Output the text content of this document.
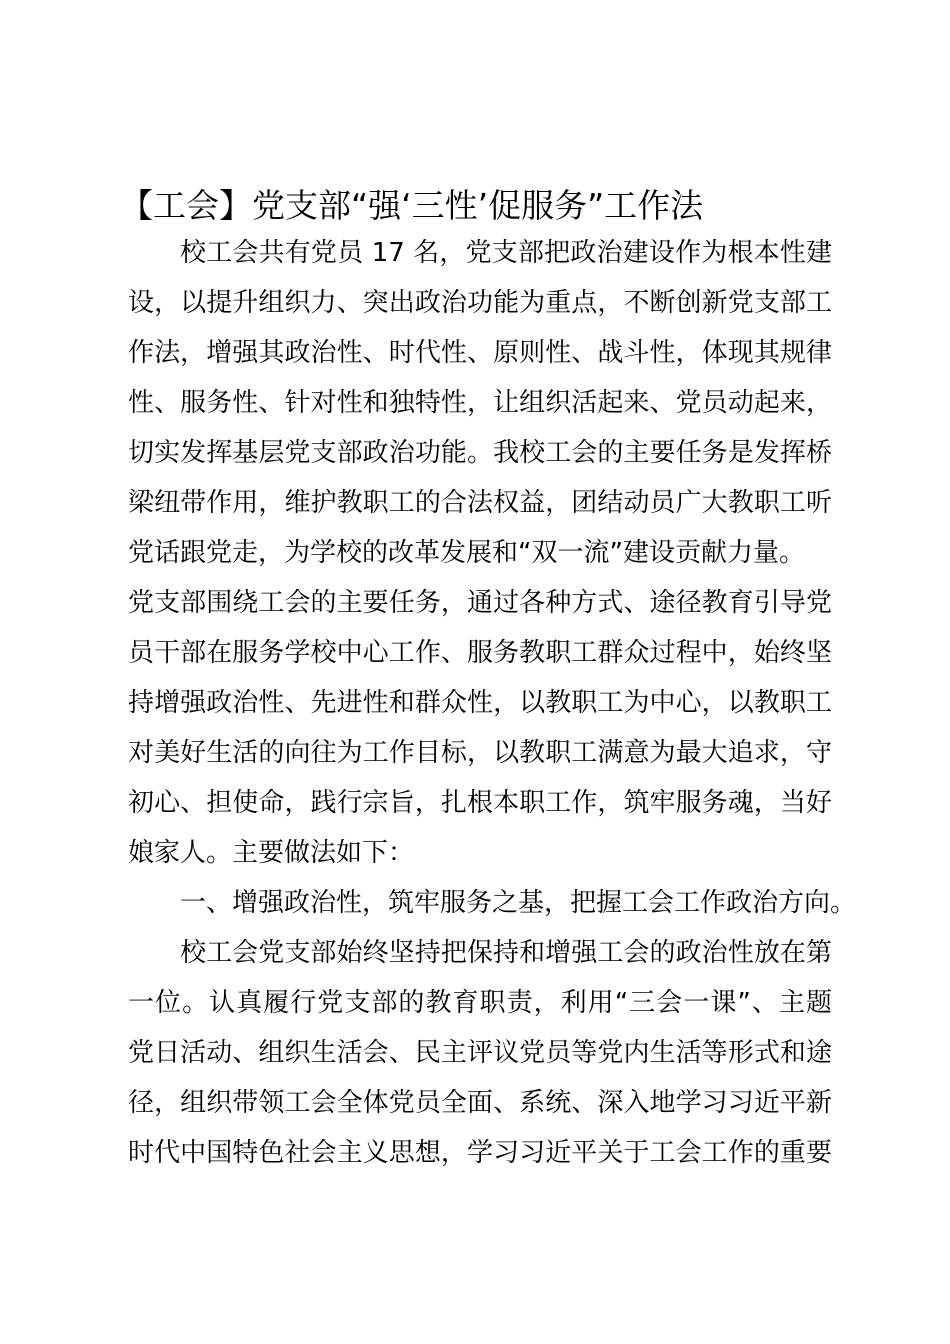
【工会】党支部“强‘三性’促服务”工作法

校工会共有党员 17 名，党支部把政治建设作为根本性建

设，以提升组织力、突出政治功能为重点，不断创新党支部工

作法，增强其政治性、时代性、原则性、战斗性，体现其规律

性、服务性、针对性和独特性，让组织活起来、党员动起来，

切实发挥基层党支部政治功能。我校工会的主要任务是发挥桥

梁纽带作用，维护教职工的合法权益，团结动员广大教职工听

党话跟党走，为学校的改革发展和“双一流”建设贡献力量。

党支部围绕工会的主要任务，通过各种方式、途径教育引导党

员干部在服务学校中心工作、服务教职工群众过程中，始终坚

持增强政治性、先进性和群众性，以教职工为中心，以教职工

对美好生活的向往为工作目标，以教职工满意为最大追求，守

初心、担使命，践行宗旨，扎根本职工作，筑牢服务魂，当好

娘家人。主要做法如下：

一、增强政治性，筑牢服务之基，把握工会工作政治方向。

校工会党支部始终坚持把保持和增强工会的政治性放在第

一位。认真履行党支部的教育职责，利用“三会一课”、主题

党日活动、组织生活会、民主评议党员等党内生活等形式和途

径，组织带领工会全体党员全面、系统、深入地学习习近平新

时代中国特色社会主义思想，学习习近平关于工会工作的重要
